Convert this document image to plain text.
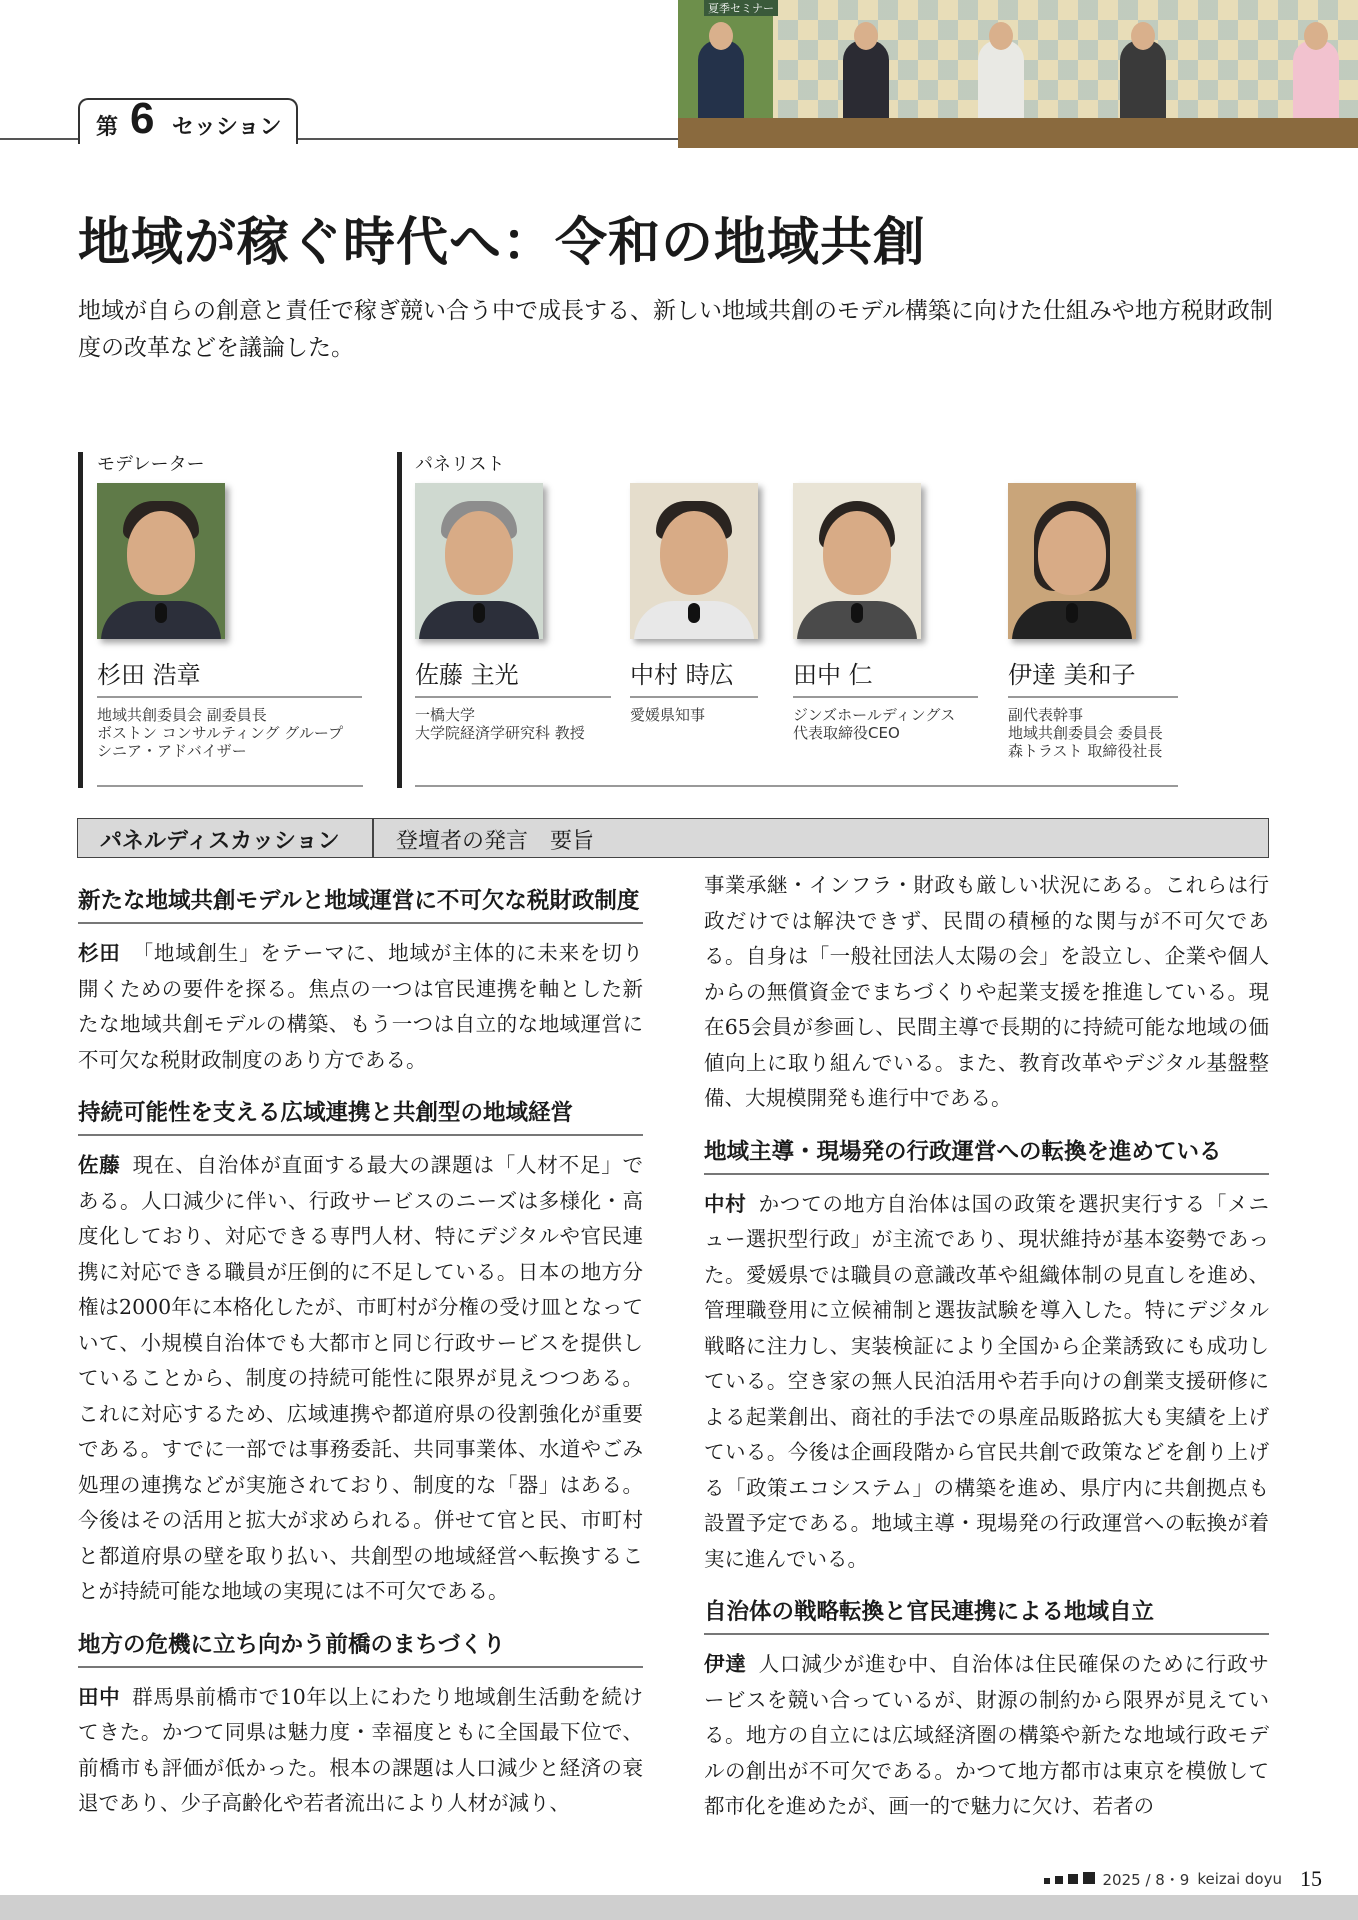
第 6 セッション
夏季セミナー
地域が稼ぐ時代へ：令和の地域共創
地域が自らの創意と責任で稼ぎ競い合う中で成長する、新しい地域共創のモデル構築に向けた仕組みや地方税財政制度の改革などを議論した。
モデレーター	パネリスト
杉田 浩章
地域共創委員会 副委員長
ボストン コンサルティング グループ
シニア・アドバイザー
佐藤 主光
一橋大学
大学院経済学研究科 教授
中村 時広
愛媛県知事
田中 仁
ジンズホールディングス
代表取締役CEO
伊達 美和子
副代表幹事
地域共創委員会 委員長
森トラスト 取締役社長
パネルディスカッション	登壇者の発言　要旨
新たな地域共創モデルと地域運営に不可欠な税財政制度

杉田 「地域創生」をテーマに、地域が主体的に未来を切り開くための要件を探る。焦点の一つは官民連携を軸とした新たな地域共創モデルの構築、もう一つは自立的な地域運営に不可欠な税財政制度のあり方である。

持続可能性を支える広域連携と共創型の地域経営

佐藤 現在、自治体が直面する最大の課題は「人材不足」である。人口減少に伴い、行政サービスのニーズは多様化・高度化しており、対応できる専門人材、特にデジタルや官民連携に対応できる職員が圧倒的に不足している。日本の地方分権は2000年に本格化したが、市町村が分権の受け皿となっていて、小規模自治体でも大都市と同じ行政サービスを提供していることから、制度の持続可能性に限界が見えつつある。これに対応するため、広域連携や都道府県の役割強化が重要である。すでに一部では事務委託、共同事業体、水道やごみ処理の連携などが実施されており、制度的な「器」はある。今後はその活用と拡大が求められる。併せて官と民、市町村と都道府県の壁を取り払い、共創型の地域経営へ転換することが持続可能な地域の実現には不可欠である。

地方の危機に立ち向かう前橋のまちづくり

田中 群馬県前橋市で10年以上にわたり地域創生活動を続けてきた。かつて同県は魅力度・幸福度ともに全国最下位で、前橋市も評価が低かった。根本の課題は人口減少と経済の衰退であり、少子高齢化や若者流出により人材が減り、

事業承継・インフラ・財政も厳しい状況にある。これらは行政だけでは解決できず、民間の積極的な関与が不可欠である。自身は「一般社団法人太陽の会」を設立し、企業や個人からの無償資金でまちづくりや起業支援を推進している。現在65会員が参画し、民間主導で長期的に持続可能な地域の価値向上に取り組んでいる。また、教育改革やデジタル基盤整備、大規模開発も進行中である。

地域主導・現場発の行政運営への転換を進めている

中村 かつての地方自治体は国の政策を選択実行する「メニュー選択型行政」が主流であり、現状維持が基本姿勢であった。愛媛県では職員の意識改革や組織体制の見直しを進め、管理職登用に立候補制と選抜試験を導入した。特にデジタル戦略に注力し、実装検証により全国から企業誘致にも成功している。空き家の無人民泊活用や若手向けの創業支援研修による起業創出、商社的手法での県産品販路拡大も実績を上げている。今後は企画段階から官民共創で政策などを創り上げる「政策エコシステム」の構築を進め、県庁内に共創拠点も設置予定である。地域主導・現場発の行政運営への転換が着実に進んでいる。

自治体の戦略転換と官民連携による地域自立

伊達 人口減少が進む中、自治体は住民確保のために行政サービスを競い合っているが、財源の制約から限界が見えている。地方の自立には広域経済圏の構築や新たな地域行政モデルの創出が不可欠である。かつて地方都市は東京を模倣して都市化を進めたが、画一的で魅力に欠け、若者の

2025 / 8・9 keizai doyu 15
